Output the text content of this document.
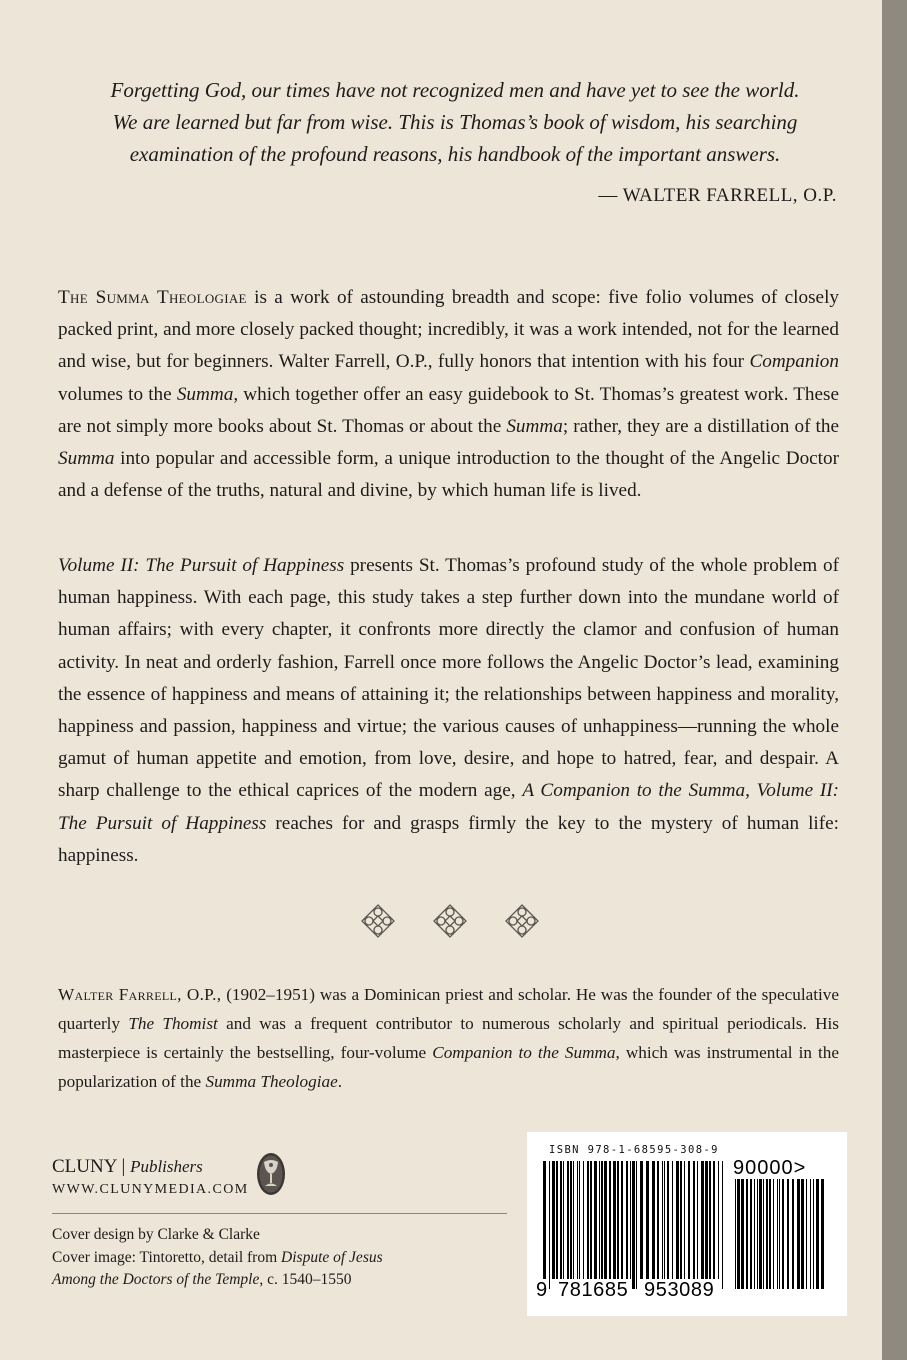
Forgetting God, our times have not recognized men and have yet to see the world.
We are learned but far from wise. This is Thomas’s book of wisdom, his searching
examination of the profound reasons, his handbook of the important answers.
— WALTER FARRELL, O.P.
The Summa Theologiae is a work of astounding breadth and scope: five folio volumes of closely packed print, and more closely packed thought; incredibly, it was a work intended, not for the learned and wise, but for beginners. Walter Farrell, O.P., fully honors that intention with his four Companion volumes to the Summa, which together offer an easy guidebook to St. Thomas’s greatest work. These are not simply more books about St. Thomas or about the Summa; rather, they are a distillation of the Summa into popular and accessible form, a unique introduction to the thought of the Angelic Doctor and a defense of the truths, natural and divine, by which human life is lived.
Volume II: The Pursuit of Happiness presents St. Thomas’s profound study of the whole problem of human happiness. With each page, this study takes a step further down into the mundane world of human affairs; with every chapter, it confronts more directly the clamor and confusion of human activity. In neat and orderly fashion, Farrell once more follows the Angelic Doctor’s lead, examining the essence of happiness and means of attaining it; the relationships between happiness and morality, happiness and passion, happiness and virtue; the various causes of unhappiness—running the whole gamut of human appetite and emotion, from love, desire, and hope to hatred, fear, and despair. A sharp challenge to the ethical caprices of the modern age, A Companion to the Summa, Volume II: The Pursuit of Happiness reaches for and grasps firmly the key to the mystery of human life: happiness.
Walter Farrell, O.P., (1902–1951) was a Dominican priest and scholar. He was the founder of the speculative quarterly The Thomist and was a frequent contributor to numerous scholarly and spiritual periodicals. His masterpiece is certainly the bestselling, four-volume Companion to the Summa, which was instrumental in the popularization of the Summa Theologiae.
CLUNY | Publishers
WWW.CLUNYMEDIA.COM
Cover design by Clarke & Clarke
Cover image: Tintoretto, detail from Dispute of Jesus
Among the Doctors of the Temple, c. 1540–1550
ISBN 978-1-68595-308-9
90000>
9 781685 953089
